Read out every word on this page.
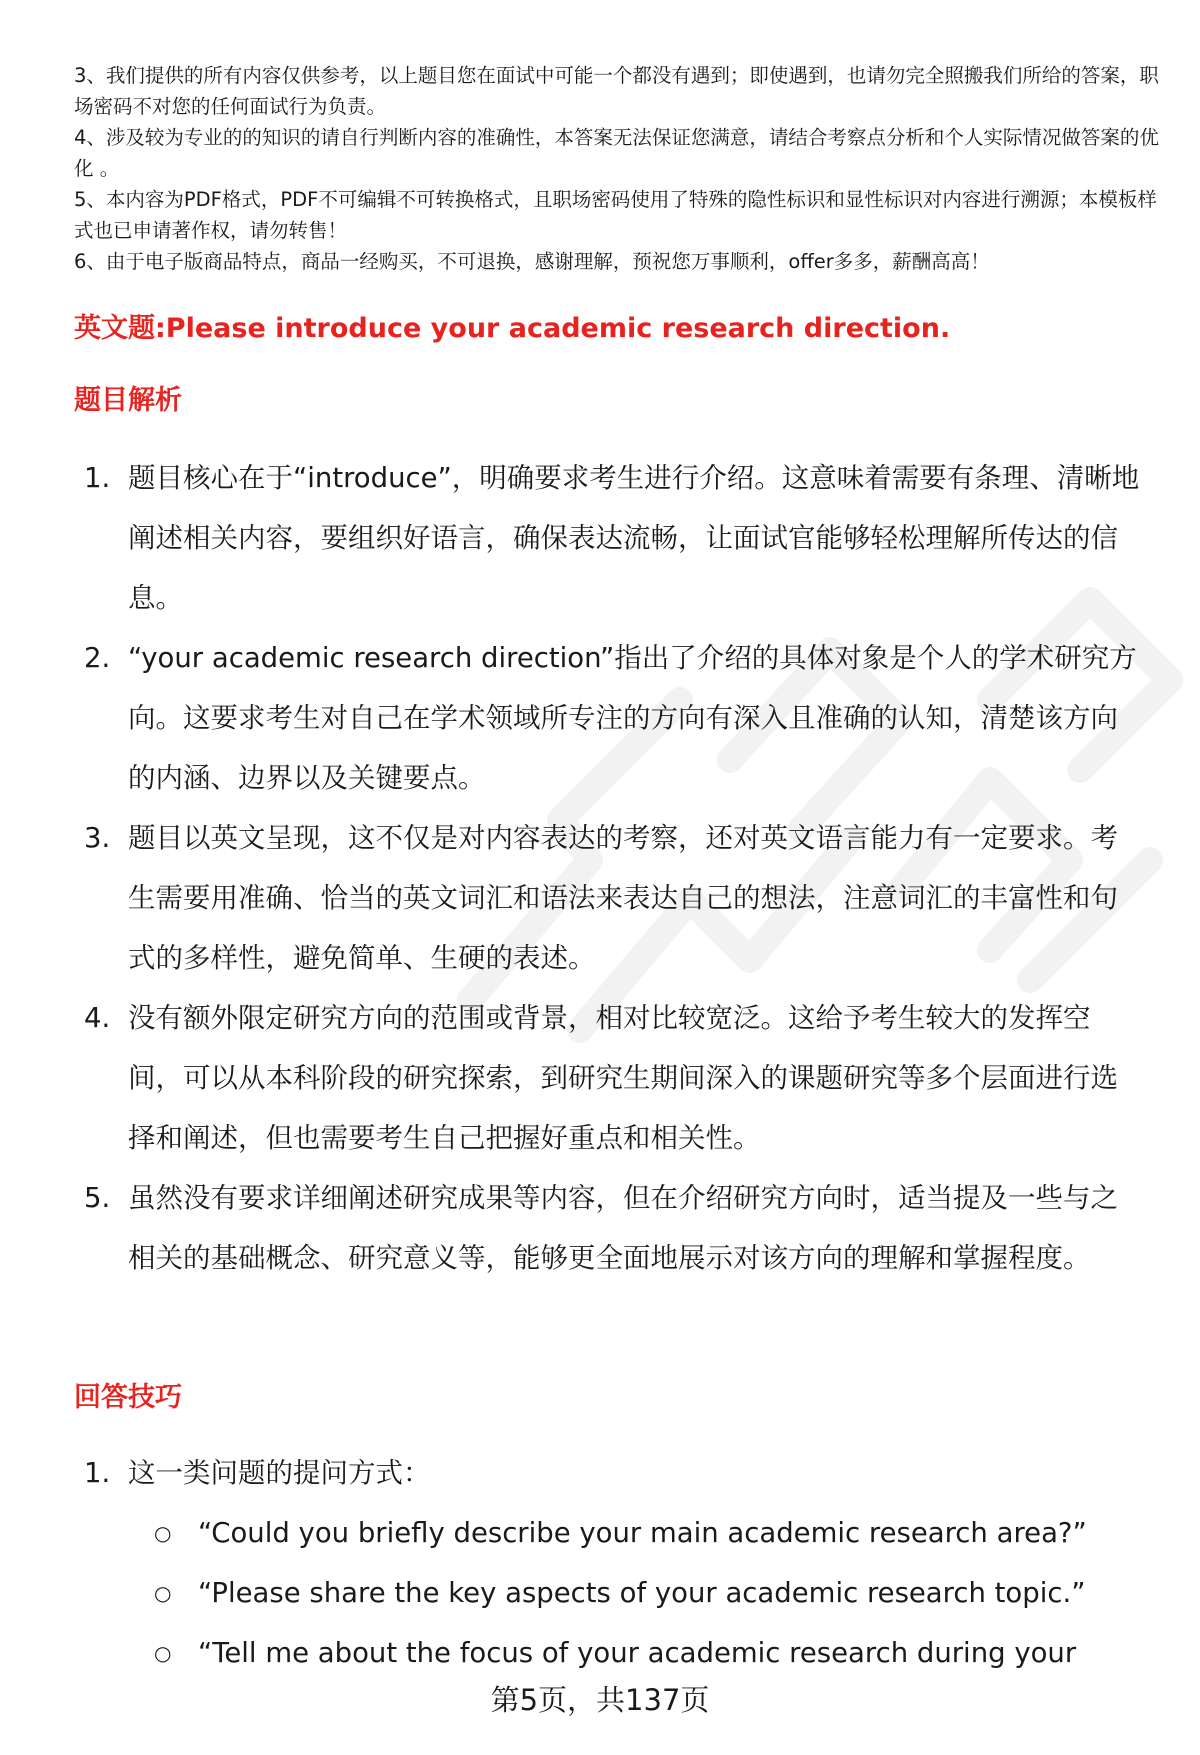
3、我们提供的所有内容仅供参考，以上题目您在面试中可能一个都没有遇到；即使遇到，也请勿完全照搬我们所给的答案，职场密码不对您的任何面试行为负责。

4、涉及较为专业的的知识的请自行判断内容的准确性，本答案无法保证您满意，请结合考察点分析和个人实际情况做答案的优化 。

5、本内容为PDF格式，PDF不可编辑不可转换格式，且职场密码使用了特殊的隐性标识和显性标识对内容进行溯源；本模板样式也已申请著作权，请勿转售！

6、由于电子版商品特点，商品一经购买，不可退换，感谢理解，预祝您万事顺利，offer多多，薪酬高高！

英文题:Please introduce your academic research direction.
题目解析
1. 题目核心在于“introduce”，明确要求考生进行介绍。这意味着需要有条理、清晰地阐述相关内容，要组织好语言，确保表达流畅，让面试官能够轻松理解所传达的信息。
2. “your academic research direction”指出了介绍的具体对象是个人的学术研究方向。这要求考生对自己在学术领域所专注的方向有深入且准确的认知，清楚该方向的内涵、边界以及关键要点。
3. 题目以英文呈现，这不仅是对内容表达的考察，还对英文语言能力有一定要求。考生需要用准确、恰当的英文词汇和语法来表达自己的想法，注意词汇的丰富性和句式的多样性，避免简单、生硬的表述。
4. 没有额外限定研究方向的范围或背景，相对比较宽泛。这给予考生较大的发挥空间，可以从本科阶段的研究探索，到研究生期间深入的课题研究等多个层面进行选择和阐述，但也需要考生自己把握好重点和相关性。
5. 虽然没有要求详细阐述研究成果等内容，但在介绍研究方向时，适当提及一些与之相关的基础概念、研究意义等，能够更全面地展示对该方向的理解和掌握程度。
回答技巧
1. 这一类问题的提问方式：
○ “Could you briefly describe your main academic research area?”
○ “Please share the key aspects of your academic research topic.”
○ “Tell me about the focus of your academic research during your
第5页，共137页
